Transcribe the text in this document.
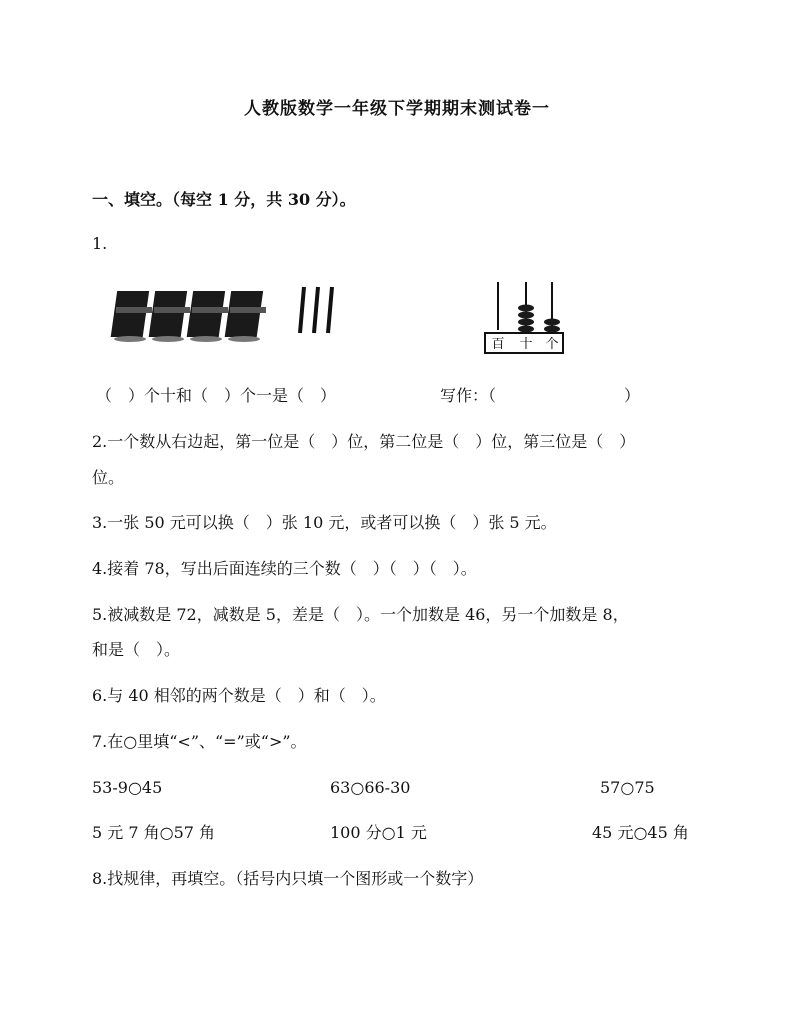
人教版数学一年级下学期期末测试卷一
一、填空。（每空 1 分，共 30 分）。
1.
百 十 个
（　）个十和（　）个一是（　）	写作：（　　　　　　　　）
2.一个数从右边起，第一位是（　）位，第二位是（　）位，第三位是（　）
位。
3.一张 50 元可以换（　）张 10 元，或者可以换（　）张 5 元。
4.接着 78，写出后面连续的三个数（　）（　）（　）。
5.被减数是 72，减数是 5，差是（　）。一个加数是 46，另一个加数是 8，
和是（　）。
6.与 40 相邻的两个数是（　）和（　）。
7.在○里填“<”、“=”或“>”。
53-9○45	63○66-30	57○75
5 元 7 角○57 角	100 分○1 元	45 元○45 角
8.找规律，再填空。（括号内只填一个图形或一个数字）
